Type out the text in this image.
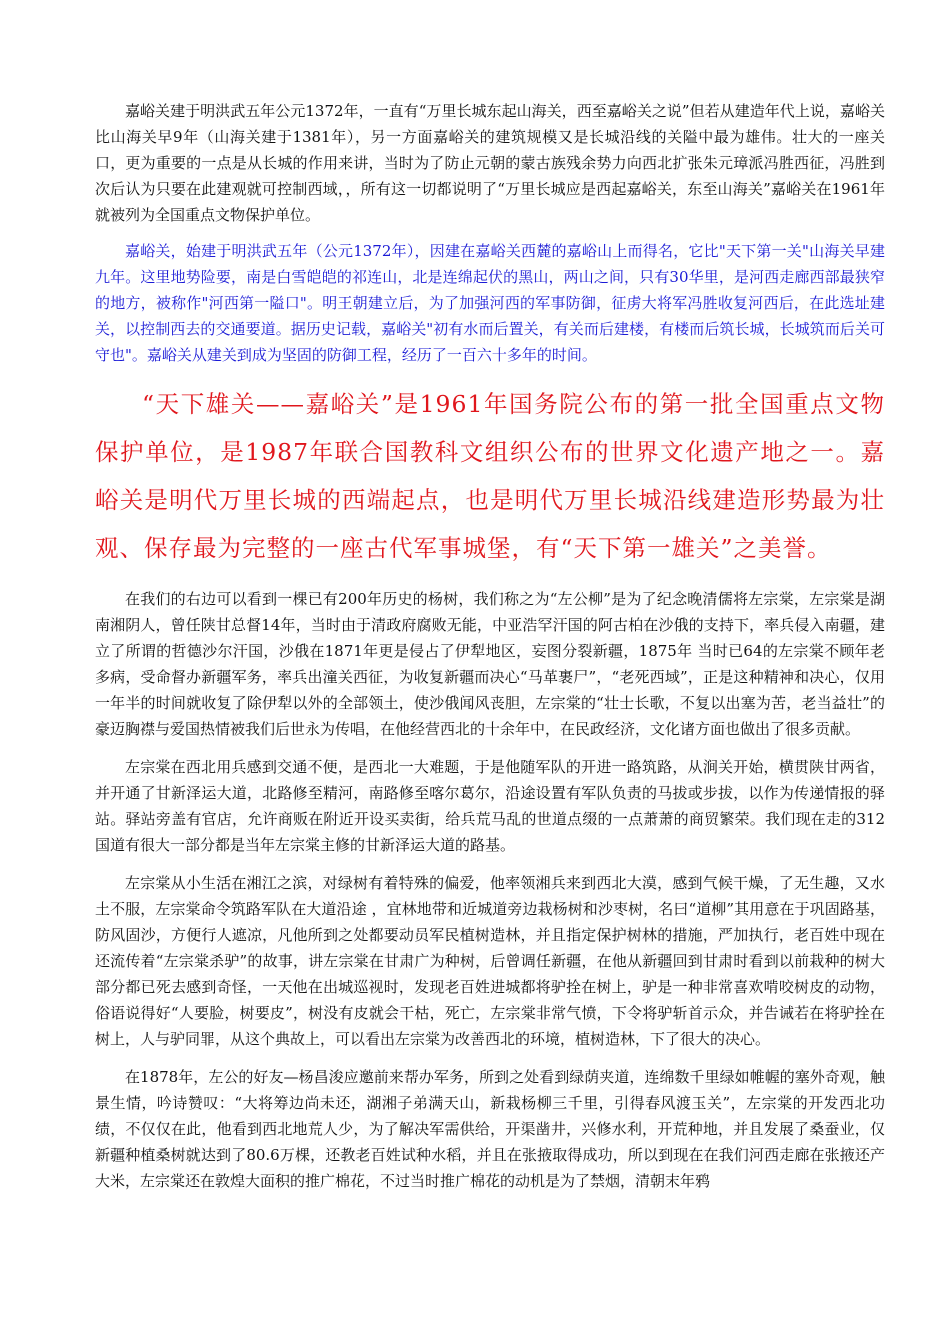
嘉峪关建于明洪武五年公元1372年，一直有“万里长城东起山海关，西至嘉峪关之说”但若从建造年代上说，嘉峪关比山海关早9年（山海关建于1381年），另一方面嘉峪关的建筑规模又是长城沿线的关隘中最为雄伟。壮大的一座关口，更为重要的一点是从长城的作用来讲，当时为了防止元朝的蒙古族残余势力向西北扩张朱元璋派冯胜西征，冯胜到次后认为只要在此建观就可控制西域，，所有这一切都说明了“万里长城应是西起嘉峪关，东至山海关”嘉峪关在1961年就被列为全国重点文物保护单位。

嘉峪关，始建于明洪武五年（公元1372年），因建在嘉峪关西麓的嘉峪山上而得名，它比"天下第一关"山海关早建九年。这里地势险要，南是白雪皑皑的祁连山，北是连绵起伏的黑山，两山之间，只有30华里，是河西走廊西部最狭窄的地方，被称作"河西第一隘口"。明王朝建立后，为了加强河西的军事防御，征虏大将军冯胜收复河西后，在此选址建关，以控制西去的交通要道。据历史记载，嘉峪关"初有水而后置关，有关而后建楼，有楼而后筑长城，长城筑而后关可守也"。嘉峪关从建关到成为坚固的防御工程，经历了一百六十多年的时间。

“天下雄关——嘉峪关”是1961年国务院公布的第一批全国重点文物保护单位，是1987年联合国教科文组织公布的世界文化遗产地之一。嘉峪关是明代万里长城的西端起点，也是明代万里长城沿线建造形势最为壮观、保存最为完整的一座古代军事城堡，有“天下第一雄关”之美誉。

在我们的右边可以看到一棵已有200年历史的杨树，我们称之为“左公柳”是为了纪念晚清儒将左宗棠，左宗棠是湖南湘阴人，曾任陕甘总督14年，当时由于清政府腐败无能，中亚浩罕汗国的阿古柏在沙俄的支持下，率兵侵入南疆，建立了所谓的哲德沙尔汗国，沙俄在1871年更是侵占了伊犁地区，妄图分裂新疆，1875年 当时已64的左宗棠不顾年老多病，受命督办新疆军务，率兵出潼关西征，为收复新疆而决心“马革裹尸”，“老死西域”，正是这种精神和决心，仅用一年半的时间就收复了除伊犁以外的全部领土，使沙俄闻风丧胆，左宗棠的“壮士长歌，不复以出塞为苦，老当益壮”的豪迈胸襟与爱国热情被我们后世永为传唱，在他经营西北的十余年中，在民政经济，文化诸方面也做出了很多贡献。

左宗棠在西北用兵感到交通不便，是西北一大难题，于是他随军队的开进一路筑路，从涧关开始，横贯陕甘两省，并开通了甘新泽运大道，北路修至精河，南路修至喀尔葛尔，沿途设置有军队负责的马拔或步拔，以作为传递情报的驿站。驿站旁盖有官店，允许商贩在附近开设买卖街，给兵荒马乱的世道点缀的一点萧萧的商贸繁荣。我们现在走的312国道有很大一部分都是当年左宗棠主修的甘新泽运大道的路基。

左宗棠从小生活在湘江之滨，对绿树有着特殊的偏爱，他率领湘兵来到西北大漠，感到气候干燥，了无生趣，又水土不服，左宗棠命令筑路军队在大道沿途 ，宜林地带和近城道旁边栽杨树和沙枣树，名曰“道柳”其用意在于巩固路基，防风固沙，方便行人遮凉，凡他所到之处都要动员军民植树造林，并且指定保护树林的措施，严加执行，老百姓中现在还流传着“左宗棠杀驴”的故事，讲左宗棠在甘肃广为种树，后曾调任新疆，在他从新疆回到甘肃时看到以前栽种的树大部分都已死去感到奇怪，一天他在出城巡视时，发现老百姓进城都将驴拴在树上，驴是一种非常喜欢啃咬树皮的动物，俗语说得好“人要脸，树要皮”，树没有皮就会干枯，死亡，左宗棠非常气愤，下令将驴斩首示众，并告诫若在将驴拴在树上，人与驴同罪，从这个典故上，可以看出左宗棠为改善西北的环境，植树造林，下了很大的决心。

在1878年，左公的好友—杨昌浚应邀前来帮办军务，所到之处看到绿荫夹道，连绵数千里绿如帷幄的塞外奇观，触景生情，吟诗赞叹：“大将筹边尚未还，湖湘子弟满天山，新栽杨柳三千里，引得春风渡玉关”，左宗棠的开发西北功绩，不仅仅在此，他看到西北地荒人少，为了解决军需供给，开渠凿井，兴修水利，开荒种地，并且发展了桑蚕业，仅新疆种植桑树就达到了80.6万棵，还教老百姓试种水稻，并且在张掖取得成功，所以到现在在我们河西走廊在张掖还产大米，左宗棠还在敦煌大面积的推广棉花，不过当时推广棉花的动机是为了禁烟，清朝末年鸦
